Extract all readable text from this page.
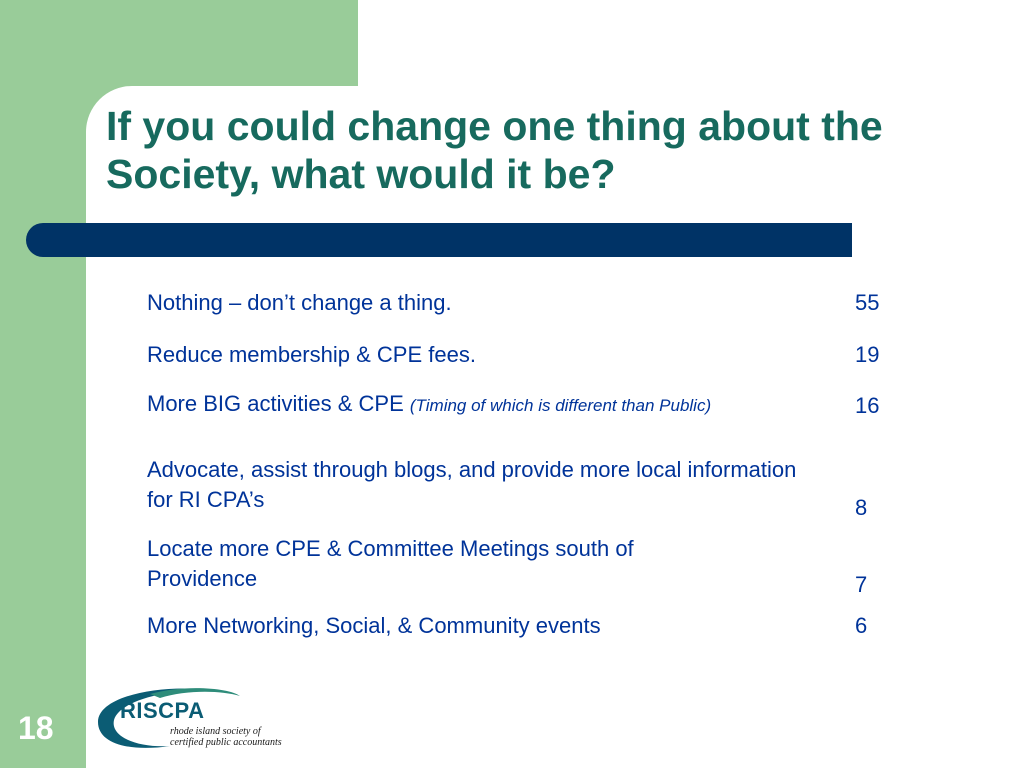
If you could change one thing about the Society, what would it be?
Nothing – don’t change a thing.	55
Reduce membership & CPE fees.	19
More BIG activities & CPE (Timing of which is different than Public)	16
Advocate, assist through blogs, and provide more local information for RI CPA’s	8
Locate more CPE & Committee Meetings south of Providence	7
More Networking, Social, & Community events	6
18	RISCPA
rhode island society of
certified public accountants
